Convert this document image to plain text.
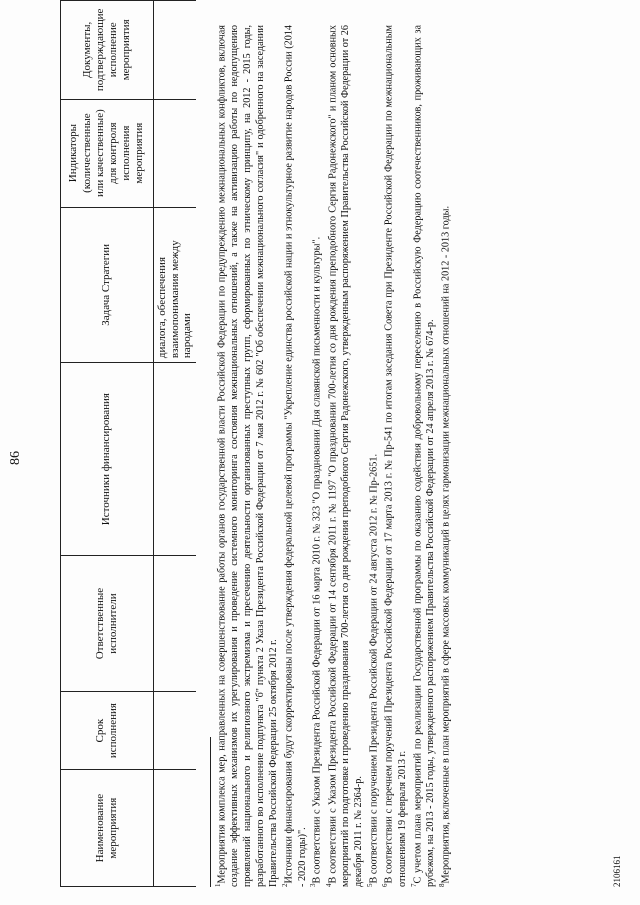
86
Наименование мероприятия	Срок исполнения	Ответственные исполнители	Источники финансирования	Задача Стратегии	Индикаторы (количественные или качественные) для контроля исполнения мероприятия	Документы, подтверждающие исполнение мероприятия
				диалога, обеспечения взаимопонимания между народами		

$^1$Мероприятия комплекса мер, направленных на совершенствование работы органов государственной власти Российской Федерации по предупреждению межнациональных конфликтов, включая создание эффективных механизмов их урегулирования и проведение системного мониторинга состояния межнациональных отношений, а также на активизацию работы по недопущению проявлений национального и религиозного экстремизма и пресечению деятельности организованных преступных групп, сформированных по этническому принципу, на 2012 - 2015 годы, разработанного во исполнение подпункта "б" пункта 2 Указа Президента Российской Федерации от 7 мая 2012 г. № 602 "Об обеспечении межнационального согласия" и одобренного на заседании Правительства Российской Федерации 25 октября 2012 г. $^2$Источники финансирования будут скорректированы после утверждения федеральной целевой программы "Укрепление единства российской нации и этнокультурное развитие народов России (2014 - 2020 годы)". $^3$В соответствии с Указом Президента Российской Федерации от 16 марта 2010 г. № 323 "О праздновании Дня славянской письменности и культуры".

$^4$В соответствии с Указом Президента Российской Федерации от 14 сентября 2011 г. № 1197 "О праздновании 700-летия со дня рождения преподобного Сергия Радонежского" и планом основных мероприятий по подготовке и проведению празднования 700-летия со дня рождения преподобного Сергия Радонежского, утвержденным распоряжением Правительства Российской Федерации от 26 декабря 2011 г. № 2364-р. $^5$В соответствии с поручением Президента Российской Федерации от 24 августа 2012 г. № Пр-2651.

$^6$В соответствии с перечнем поручений Президента Российской Федерации от 17 марта 2013 г. № Пр-541 по итогам заседания Совета при Президенте Российской Федерации по межнациональным отношениям 19 февраля 2013 г. $^7$С учетом плана мероприятий по реализации Государственной программы по оказанию содействия добровольному переселению в Российскую Федерацию соотечественников, проживающих за рубежом, на 2013 - 2015 годы, утвержденного распоряжением Правительства Российской Федерации от 24 апреля 2013 г. № 674-р. $^8$Мероприятия, включенные в план мероприятий в сфере массовых коммуникаций в целях гармонизации межнациональных отношений на 2012 - 2013 годы.	2106161
